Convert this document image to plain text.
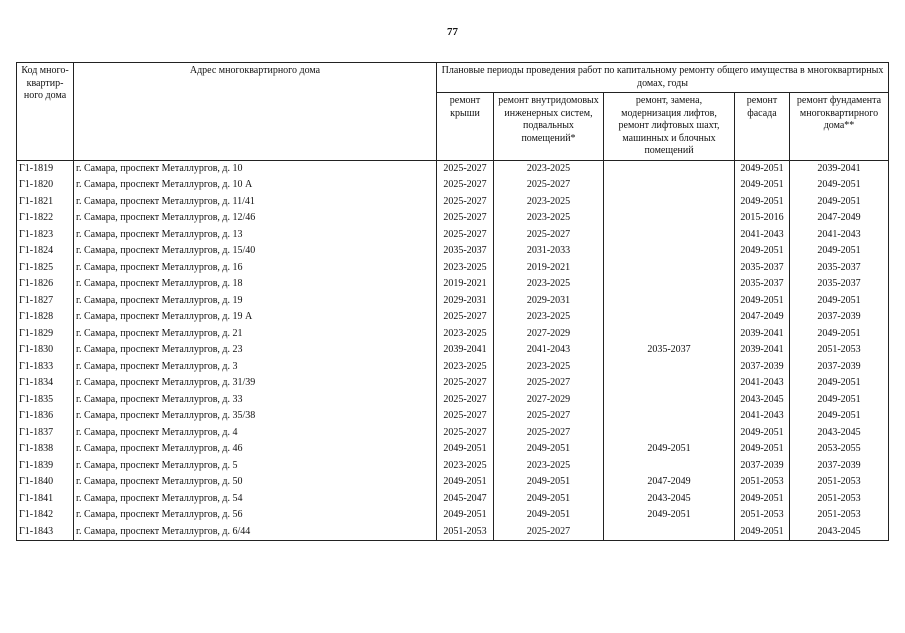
77
Код много-квартир-ного дома	Адрес многоквартирного дома	Плановые периоды проведения работ по капитальному ремонту общего имущества в многоквартирных домах, годы				
		ремонт крыши	ремонт внутридомовых инженерных систем, подвальных помещений*	ремонт, замена, модернизация лифтов, ремонт лифтовых шахт, машинных и блочных помещений	ремонт фасада	ремонт фундамента многоквартирного дома**
Г1-1819	г. Самара, проспект Металлургов, д. 10	2025-2027	2023-2025		2049-2051	2039-2041
Г1-1820	г. Самара, проспект Металлургов, д. 10 А	2025-2027	2025-2027		2049-2051	2049-2051
Г1-1821	г. Самара, проспект Металлургов, д. 11/41	2025-2027	2023-2025		2049-2051	2049-2051
Г1-1822	г. Самара, проспект Металлургов, д. 12/46	2025-2027	2023-2025		2015-2016	2047-2049
Г1-1823	г. Самара, проспект Металлургов, д. 13	2025-2027	2025-2027		2041-2043	2041-2043
Г1-1824	г. Самара, проспект Металлургов, д. 15/40	2035-2037	2031-2033		2049-2051	2049-2051
Г1-1825	г. Самара, проспект Металлургов, д. 16	2023-2025	2019-2021		2035-2037	2035-2037
Г1-1826	г. Самара, проспект Металлургов, д. 18	2019-2021	2023-2025		2035-2037	2035-2037
Г1-1827	г. Самара, проспект Металлургов, д. 19	2029-2031	2029-2031		2049-2051	2049-2051
Г1-1828	г. Самара, проспект Металлургов, д. 19 А	2025-2027	2023-2025		2047-2049	2037-2039
Г1-1829	г. Самара, проспект Металлургов, д. 21	2023-2025	2027-2029		2039-2041	2049-2051
Г1-1830	г. Самара, проспект Металлургов, д. 23	2039-2041	2041-2043	2035-2037	2039-2041	2051-2053
Г1-1833	г. Самара, проспект Металлургов, д. 3	2023-2025	2023-2025		2037-2039	2037-2039
Г1-1834	г. Самара, проспект Металлургов, д. 31/39	2025-2027	2025-2027		2041-2043	2049-2051
Г1-1835	г. Самара, проспект Металлургов, д. 33	2025-2027	2027-2029		2043-2045	2049-2051
Г1-1836	г. Самара, проспект Металлургов, д. 35/38	2025-2027	2025-2027		2041-2043	2049-2051
Г1-1837	г. Самара, проспект Металлургов, д. 4	2025-2027	2025-2027		2049-2051	2043-2045
Г1-1838	г. Самара, проспект Металлургов, д. 46	2049-2051	2049-2051	2049-2051	2049-2051	2053-2055
Г1-1839	г. Самара, проспект Металлургов, д. 5	2023-2025	2023-2025		2037-2039	2037-2039
Г1-1840	г. Самара, проспект Металлургов, д. 50	2049-2051	2049-2051	2047-2049	2051-2053	2051-2053
Г1-1841	г. Самара, проспект Металлургов, д. 54	2045-2047	2049-2051	2043-2045	2049-2051	2051-2053
Г1-1842	г. Самара, проспект Металлургов, д. 56	2049-2051	2049-2051	2049-2051	2051-2053	2051-2053
Г1-1843	г. Самара, проспект Металлургов, д. 6/44	2051-2053	2025-2027		2049-2051	2043-2045
